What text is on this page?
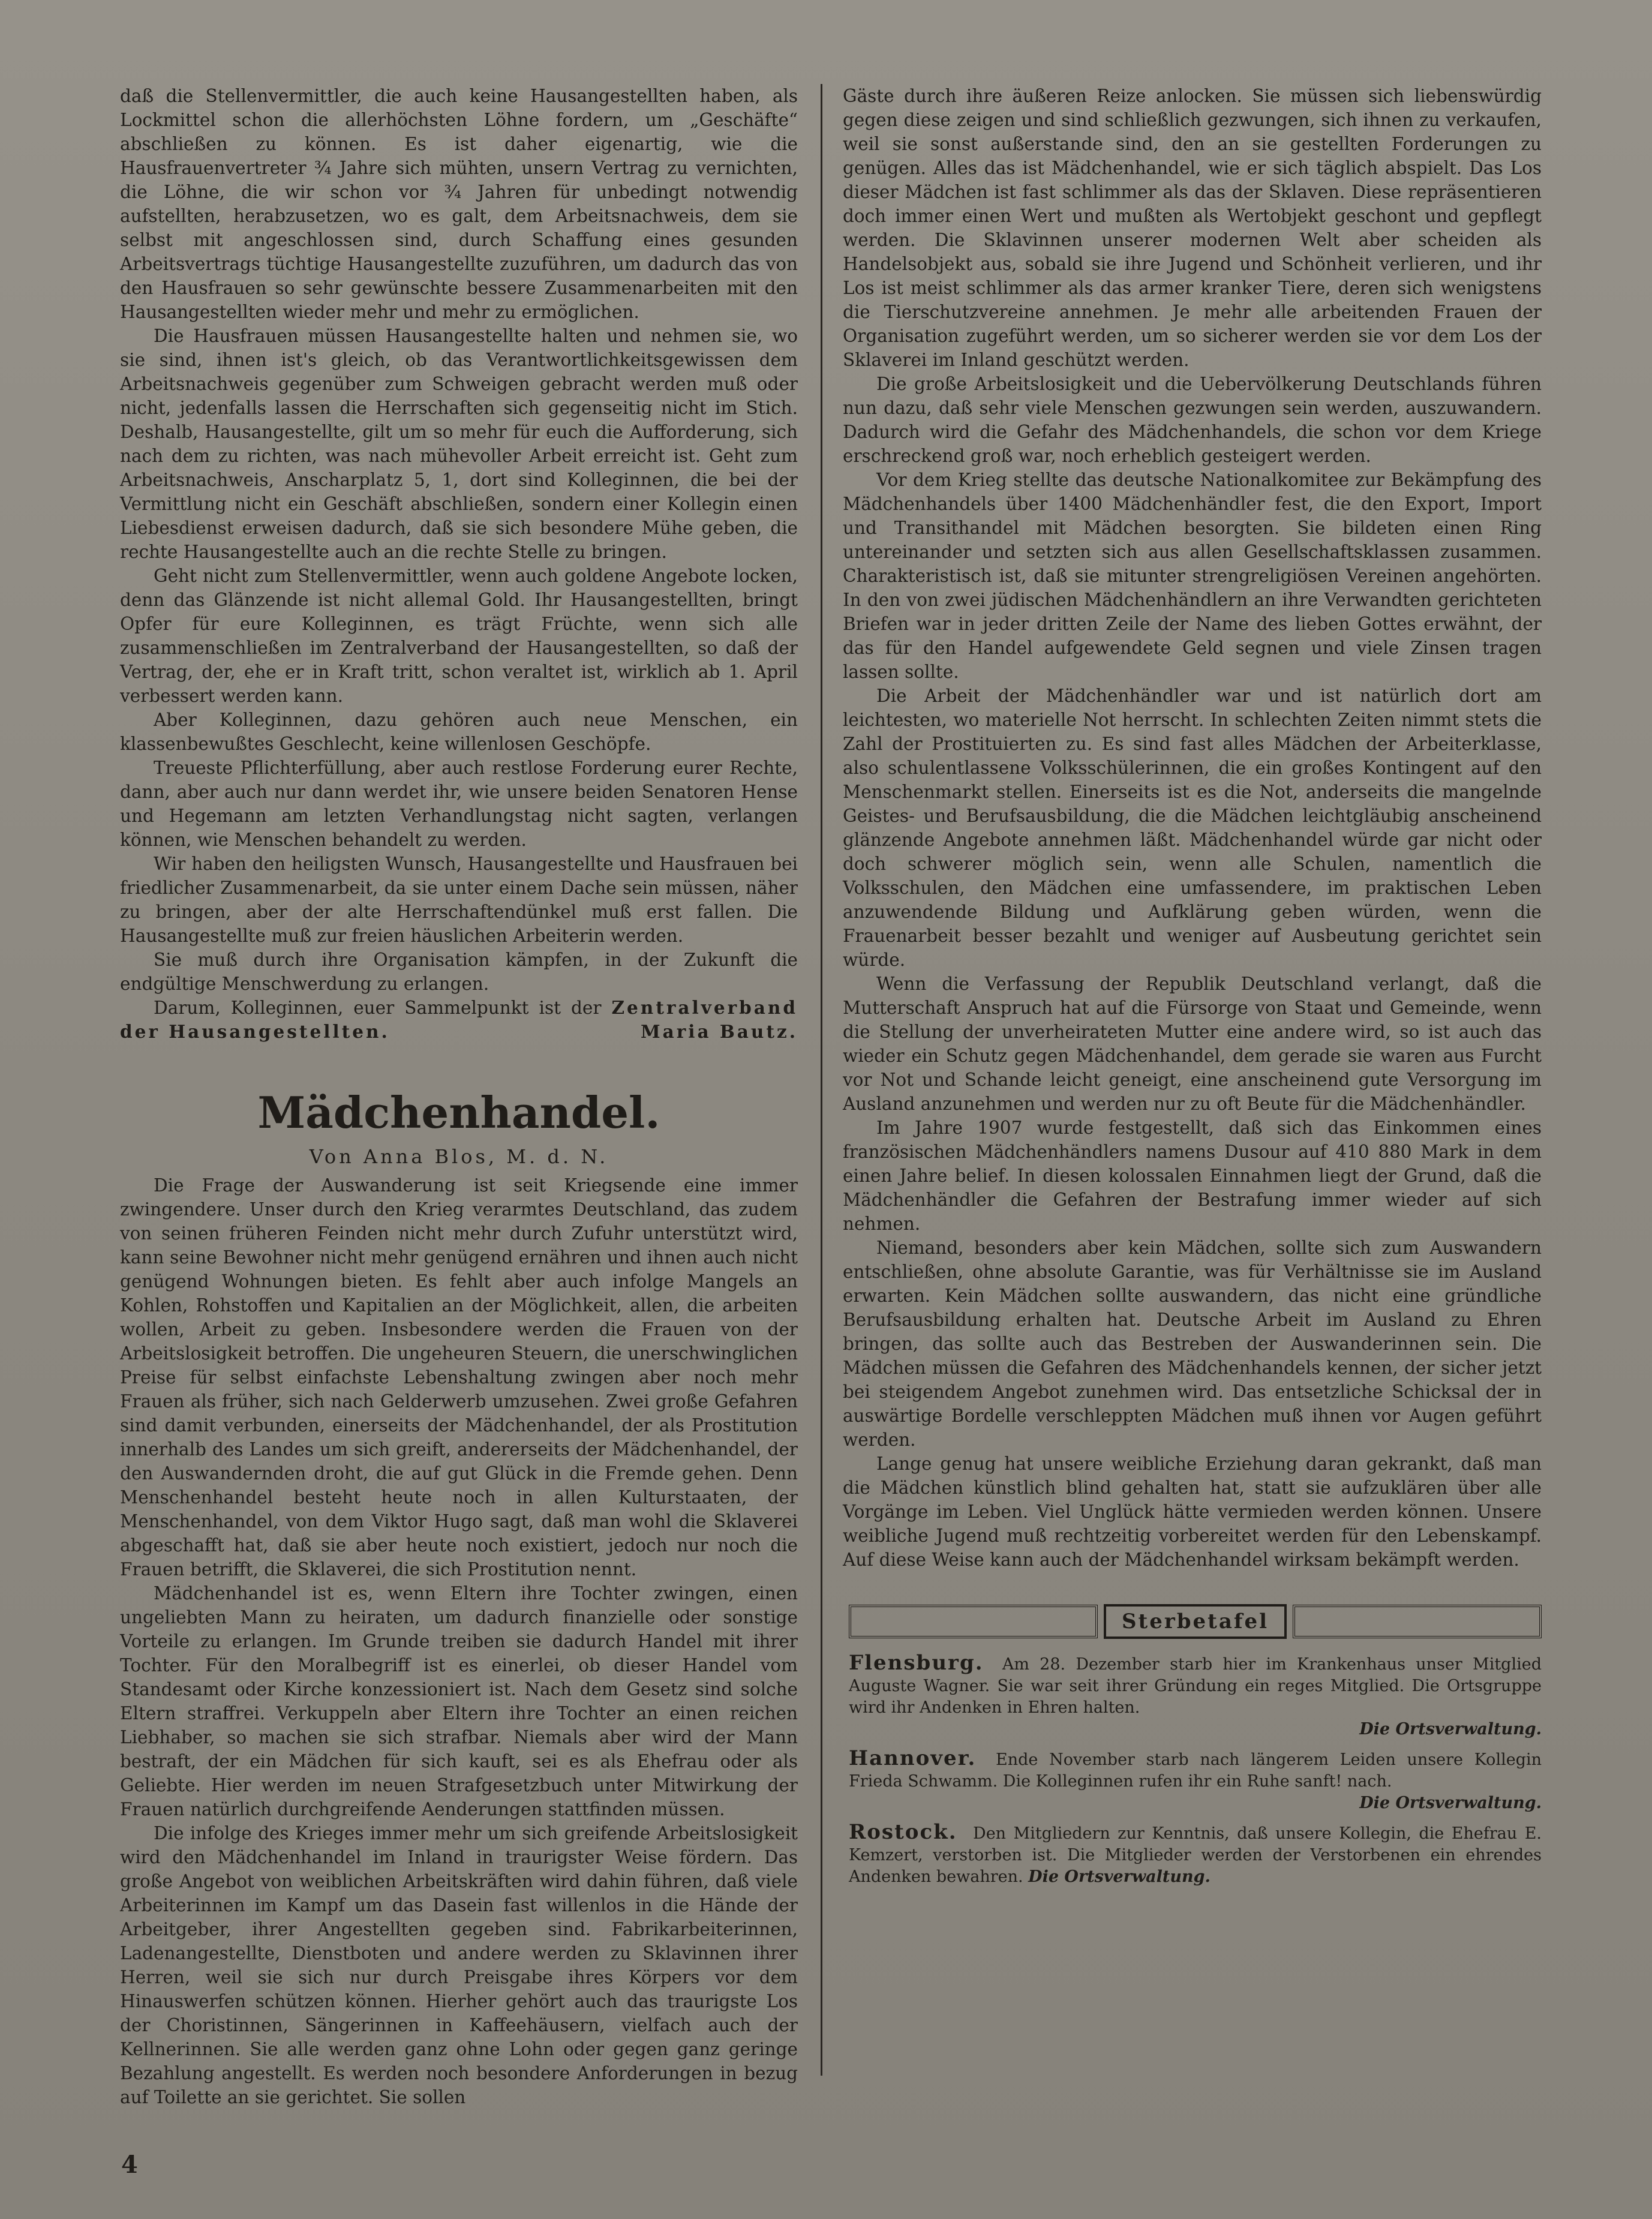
daß die Stellenvermittler, die auch keine Hausangestellten haben, als Lockmittel schon die allerhöchsten Löhne fordern, um „Geschäfte“ abschließen zu können. Es ist daher eigenartig, wie die Hausfrauenvertreter ¾ Jahre sich mühten, unsern Vertrag zu vernichten, die Löhne, die wir schon vor ¾ Jahren für unbedingt notwendig aufstellten, herabzusetzen, wo es galt, dem Arbeitsnachweis, dem sie selbst mit angeschlossen sind, durch Schaffung eines gesunden Arbeitsvertrags tüchtige Hausangestellte zuzuführen, um dadurch das von den Hausfrauen so sehr gewünschte bessere Zusammenarbeiten mit den Hausangestellten wieder mehr und mehr zu ermöglichen.

Die Hausfrauen müssen Hausangestellte halten und nehmen sie, wo sie sind, ihnen ist's gleich, ob das Verantwortlichkeitsgewissen dem Arbeitsnachweis gegenüber zum Schweigen gebracht werden muß oder nicht, jedenfalls lassen die Herrschaften sich gegenseitig nicht im Stich. Deshalb, Hausangestellte, gilt um so mehr für euch die Aufforderung, sich nach dem zu richten, was nach mühevoller Arbeit erreicht ist. Geht zum Arbeitsnachweis, Anscharplatz 5, 1, dort sind Kolleginnen, die bei der Vermittlung nicht ein Geschäft abschließen, sondern einer Kollegin einen Liebesdienst erweisen dadurch, daß sie sich besondere Mühe geben, die rechte Hausangestellte auch an die rechte Stelle zu bringen.

Geht nicht zum Stellenvermittler, wenn auch goldene Angebote locken, denn das Glänzende ist nicht allemal Gold. Ihr Hausangestellten, bringt Opfer für eure Kolleginnen, es trägt Früchte, wenn sich alle zusammenschließen im Zentralverband der Hausangestellten, so daß der Vertrag, der, ehe er in Kraft tritt, schon veraltet ist, wirklich ab 1. April verbessert werden kann.

Aber Kolleginnen, dazu gehören auch neue Menschen, ein klassenbewußtes Geschlecht, keine willenlosen Geschöpfe.

Treueste Pflichterfüllung, aber auch restlose Forderung eurer Rechte, dann, aber auch nur dann werdet ihr, wie unsere beiden Senatoren Hense und Hegemann am letzten Verhandlungstag nicht sagten, verlangen können, wie Menschen behandelt zu werden.

Wir haben den heiligsten Wunsch, Hausangestellte und Hausfrauen bei friedlicher Zusammenarbeit, da sie unter einem Dache sein müssen, näher zu bringen, aber der alte Herrschaftendünkel muß erst fallen. Die Hausangestellte muß zur freien häuslichen Arbeiterin werden.

Sie muß durch ihre Organisation kämpfen, in der Zukunft die endgültige Menschwerdung zu erlangen.

Darum, Kolleginnen, euer Sammelpunkt ist der Zentralverband der Hausangestellten.	Maria Bautz.

Mädchenhandel.
Von Anna Blos, M. d. N.

Die Frage der Auswanderung ist seit Kriegsende eine immer zwingendere. Unser durch den Krieg verarmtes Deutschland, das zudem von seinen früheren Feinden nicht mehr durch Zufuhr unterstützt wird, kann seine Bewohner nicht mehr genügend ernähren und ihnen auch nicht genügend Wohnungen bieten. Es fehlt aber auch infolge Mangels an Kohlen, Rohstoffen und Kapitalien an der Möglichkeit, allen, die arbeiten wollen, Arbeit zu geben. Insbesondere werden die Frauen von der Arbeitslosigkeit betroffen. Die ungeheuren Steuern, die unerschwinglichen Preise für selbst einfachste Lebenshaltung zwingen aber noch mehr Frauen als früher, sich nach Gelderwerb umzusehen. Zwei große Gefahren sind damit verbunden, einerseits der Mädchenhandel, der als Prostitution innerhalb des Landes um sich greift, andererseits der Mädchenhandel, der den Auswandernden droht, die auf gut Glück in die Fremde gehen. Denn Menschenhandel besteht heute noch in allen Kulturstaaten, der Menschenhandel, von dem Viktor Hugo sagt, daß man wohl die Sklaverei abgeschafft hat, daß sie aber heute noch existiert, jedoch nur noch die Frauen betrifft, die Sklaverei, die sich Prostitution nennt.

Mädchenhandel ist es, wenn Eltern ihre Tochter zwingen, einen ungeliebten Mann zu heiraten, um dadurch finanzielle oder sonstige Vorteile zu erlangen. Im Grunde treiben sie dadurch Handel mit ihrer Tochter. Für den Moralbegriff ist es einerlei, ob dieser Handel vom Standesamt oder Kirche konzessioniert ist. Nach dem Gesetz sind solche Eltern straffrei. Verkuppeln aber Eltern ihre Tochter an einen reichen Liebhaber, so machen sie sich strafbar. Niemals aber wird der Mann bestraft, der ein Mädchen für sich kauft, sei es als Ehefrau oder als Geliebte. Hier werden im neuen Strafgesetzbuch unter Mitwirkung der Frauen natürlich durchgreifende Aenderungen stattfinden müssen.

Die infolge des Krieges immer mehr um sich greifende Arbeitslosigkeit wird den Mädchenhandel im Inland in traurigster Weise fördern. Das große Angebot von weiblichen Arbeitskräften wird dahin führen, daß viele Arbeiterinnen im Kampf um das Dasein fast willenlos in die Hände der Arbeitgeber, ihrer Angestellten gegeben sind. Fabrikarbeiterinnen, Ladenangestellte, Dienstboten und andere werden zu Sklavinnen ihrer Herren, weil sie sich nur durch Preisgabe ihres Körpers vor dem Hinauswerfen schützen können. Hierher gehört auch das traurigste Los der Choristinnen, Sängerinnen in Kaffeehäusern, vielfach auch der Kellnerinnen. Sie alle werden ganz ohne Lohn oder gegen ganz geringe Bezahlung angestellt. Es werden noch besondere Anforderungen in bezug auf Toilette an sie gerichtet. Sie sollen

Gäste durch ihre äußeren Reize anlocken. Sie müssen sich liebenswürdig gegen diese zeigen und sind schließlich gezwungen, sich ihnen zu verkaufen, weil sie sonst außerstande sind, den an sie gestellten Forderungen zu genügen. Alles das ist Mädchenhandel, wie er sich täglich abspielt. Das Los dieser Mädchen ist fast schlimmer als das der Sklaven. Diese repräsentieren doch immer einen Wert und mußten als Wertobjekt geschont und gepflegt werden. Die Sklavinnen unserer modernen Welt aber scheiden als Handelsobjekt aus, sobald sie ihre Jugend und Schönheit verlieren, und ihr Los ist meist schlimmer als das armer kranker Tiere, deren sich wenigstens die Tierschutzvereine annehmen. Je mehr alle arbeitenden Frauen der Organisation zugeführt werden, um so sicherer werden sie vor dem Los der Sklaverei im Inland geschützt werden.

Die große Arbeitslosigkeit und die Uebervölkerung Deutschlands führen nun dazu, daß sehr viele Menschen gezwungen sein werden, auszuwandern. Dadurch wird die Gefahr des Mädchenhandels, die schon vor dem Kriege erschreckend groß war, noch erheblich gesteigert werden.

Vor dem Krieg stellte das deutsche Nationalkomitee zur Bekämpfung des Mädchenhandels über 1400 Mädchenhändler fest, die den Export, Import und Transithandel mit Mädchen besorgten. Sie bildeten einen Ring untereinander und setzten sich aus allen Gesellschaftsklassen zusammen. Charakteristisch ist, daß sie mitunter strengreligiösen Vereinen angehörten. In den von zwei jüdischen Mädchenhändlern an ihre Verwandten gerichteten Briefen war in jeder dritten Zeile der Name des lieben Gottes erwähnt, der das für den Handel aufgewendete Geld segnen und viele Zinsen tragen lassen sollte.

Die Arbeit der Mädchenhändler war und ist natürlich dort am leichtesten, wo materielle Not herrscht. In schlechten Zeiten nimmt stets die Zahl der Prostituierten zu. Es sind fast alles Mädchen der Arbeiterklasse, also schulentlassene Volksschülerinnen, die ein großes Kontingent auf den Menschenmarkt stellen. Einerseits ist es die Not, anderseits die mangelnde Geistes- und Berufsausbildung, die die Mädchen leichtgläubig anscheinend glänzende Angebote annehmen läßt. Mädchenhandel würde gar nicht oder doch schwerer möglich sein, wenn alle Schulen, namentlich die Volksschulen, den Mädchen eine umfassendere, im praktischen Leben anzuwendende Bildung und Aufklärung geben würden, wenn die Frauenarbeit besser bezahlt und weniger auf Ausbeutung gerichtet sein würde.

Wenn die Verfassung der Republik Deutschland verlangt, daß die Mutterschaft Anspruch hat auf die Fürsorge von Staat und Gemeinde, wenn die Stellung der unverheirateten Mutter eine andere wird, so ist auch das wieder ein Schutz gegen Mädchenhandel, dem gerade sie waren aus Furcht vor Not und Schande leicht geneigt, eine anscheinend gute Versorgung im Ausland anzunehmen und werden nur zu oft Beute für die Mädchenhändler.

Im Jahre 1907 wurde festgestellt, daß sich das Einkommen eines französischen Mädchenhändlers namens Dusour auf 410 880 Mark in dem einen Jahre belief. In diesen kolossalen Einnahmen liegt der Grund, daß die Mädchenhändler die Gefahren der Bestrafung immer wieder auf sich nehmen.

Niemand, besonders aber kein Mädchen, sollte sich zum Auswandern entschließen, ohne absolute Garantie, was für Verhältnisse sie im Ausland erwarten. Kein Mädchen sollte auswandern, das nicht eine gründliche Berufsausbildung erhalten hat. Deutsche Arbeit im Ausland zu Ehren bringen, das sollte auch das Bestreben der Auswanderinnen sein. Die Mädchen müssen die Gefahren des Mädchenhandels kennen, der sicher jetzt bei steigendem Angebot zunehmen wird. Das entsetzliche Schicksal der in auswärtige Bordelle verschleppten Mädchen muß ihnen vor Augen geführt werden.

Lange genug hat unsere weibliche Erziehung daran gekrankt, daß man die Mädchen künstlich blind gehalten hat, statt sie aufzuklären über alle Vorgänge im Leben. Viel Unglück hätte vermieden werden können. Unsere weibliche Jugend muß rechtzeitig vorbereitet werden für den Lebenskampf. Auf diese Weise kann auch der Mädchenhandel wirksam bekämpft werden.

Sterbetafel
Flensburg. Am 28. Dezember starb hier im Krankenhaus unser Mitglied Auguste Wagner. Sie war seit ihrer Gründung ein reges Mitglied. Die Ortsgruppe wird ihr Andenken in Ehren halten.
Die Ortsverwaltung.
Hannover. Ende November starb nach längerem Leiden unsere Kollegin Frieda Schwamm. Die Kolleginnen rufen ihr ein Ruhe sanft! nach.
Die Ortsverwaltung.
Rostock. Den Mitgliedern zur Kenntnis, daß unsere Kollegin, die Ehefrau E. Kemzert, verstorben ist. Die Mitglieder werden der Verstorbenen ein ehrendes Andenken bewahren. Die Ortsverwaltung.
4
